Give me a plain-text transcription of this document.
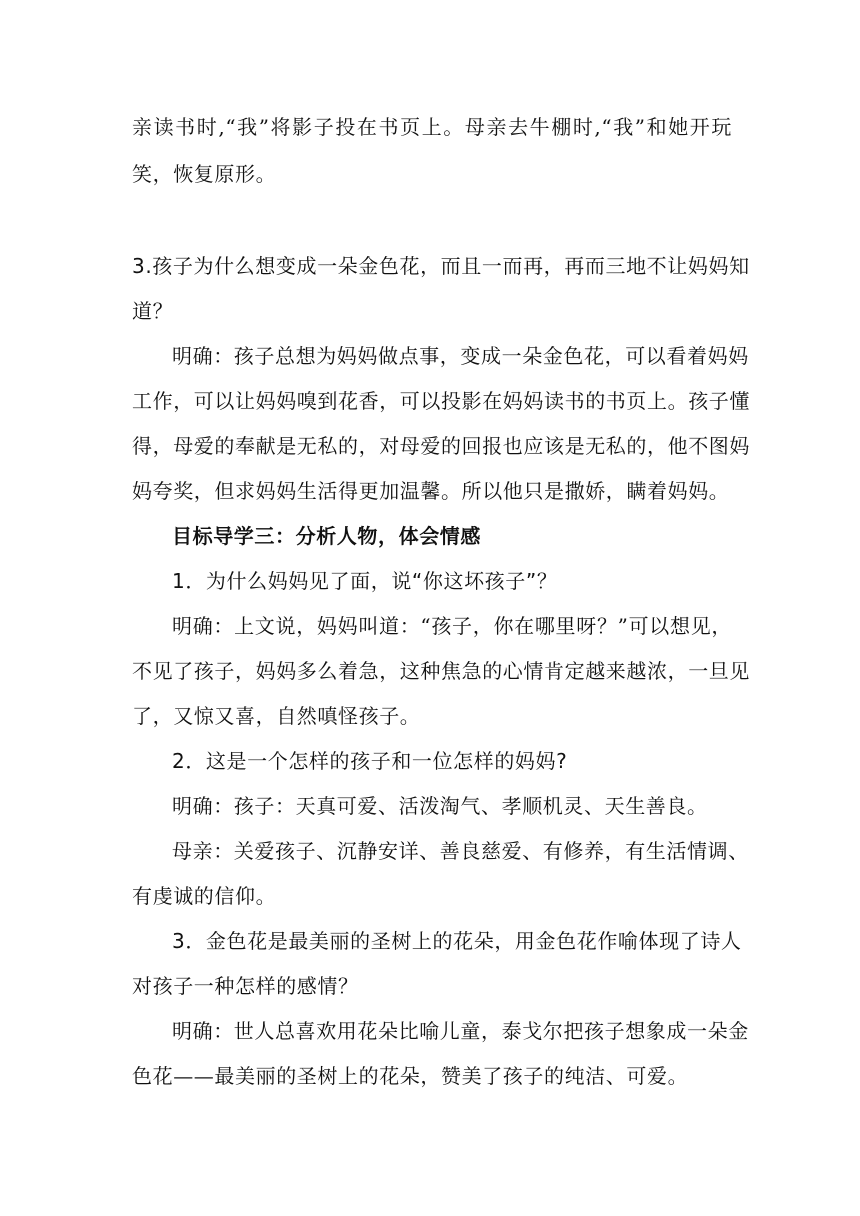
亲读书时,“我”将影子投在书页上。母亲去牛棚时,“我”和她开玩
笑，恢复原形。
3.孩子为什么想变成一朵金色花，而且一而再，再而三地不让妈妈知
道？
明确：孩子总想为妈妈做点事，变成一朵金色花，可以看着妈妈
工作，可以让妈妈嗅到花香，可以投影在妈妈读书的书页上。孩子懂
得，母爱的奉献是无私的，对母爱的回报也应该是无私的，他不图妈
妈夸奖，但求妈妈生活得更加温馨。所以他只是撒娇，瞒着妈妈。
目标导学三：分析人物，体会情感
1．为什么妈妈见了面，说“你这坏孩子”？
明确：上文说，妈妈叫道：“孩子，你在哪里呀？”可以想见，
不见了孩子，妈妈多么着急，这种焦急的心情肯定越来越浓，一旦见
了，又惊又喜，自然嗔怪孩子。
2．这是一个怎样的孩子和一位怎样的妈妈?
明确：孩子：天真可爱、活泼淘气、孝顺机灵、天生善良。
母亲：关爱孩子、沉静安详、善良慈爱、有修养，有生活情调、
有虔诚的信仰。
3．金色花是最美丽的圣树上的花朵，用金色花作喻体现了诗人
对孩子一种怎样的感情？
明确：世人总喜欢用花朵比喻儿童，泰戈尔把孩子想象成一朵金
色花——最美丽的圣树上的花朵，赞美了孩子的纯洁、可爱。
